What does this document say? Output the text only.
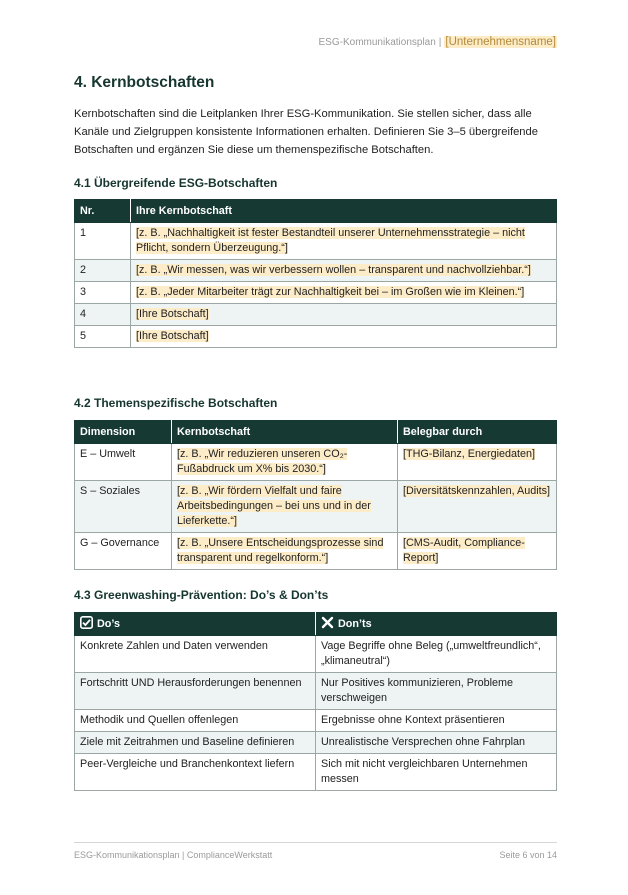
ESG-Kommunikationsplan | [Unternehmensname]
4. Kernbotschaften

Kernbotschaften sind die Leitplanken Ihrer ESG-Kommunikation. Sie stellen sicher, dass alle Kanäle und Zielgruppen konsistente Informationen erhalten. Definieren Sie 3–5 übergreifende Botschaften und ergänzen Sie diese um themenspezifische Botschaften.

4.1 Übergreifende ESG-Botschaften
Nr.	Ihre Kernbotschaft
1	[z. B. „Nachhaltigkeit ist fester Bestandteil unserer Unternehmensstrategie – nicht Pflicht, sondern Überzeugung.“]
2	[z. B. „Wir messen, was wir verbessern wollen – transparent und nachvollziehbar.“]
3	[z. B. „Jeder Mitarbeiter trägt zur Nachhaltigkeit bei – im Großen wie im Kleinen.“]
4	[Ihre Botschaft]
5	[Ihre Botschaft]
4.2 Themenspezifische Botschaften
Dimension	Kernbotschaft	Belegbar durch
E – Umwelt	[z. B. „Wir reduzieren unseren CO₂-Fußabdruck um X% bis 2030.“]	[THG-Bilanz, Energiedaten]
S – Soziales	[z. B. „Wir fördern Vielfalt und faire Arbeitsbedingungen – bei uns und in der Lieferkette.“]	[Diversitätskennzahlen, Audits]
G – Governance	[z. B. „Unsere Entscheidungsprozesse sind transparent und regelkonform.“]	[CMS-Audit, Compliance-Report]
4.3 Greenwashing-Prävention: Do’s & Don’ts
Do’s	Don’ts
Konkrete Zahlen und Daten verwenden	Vage Begriffe ohne Beleg („umweltfreundlich“, „klimaneutral“)
Fortschritt UND Herausforderungen benennen	Nur Positives kommunizieren, Probleme verschweigen
Methodik und Quellen offenlegen	Ergebnisse ohne Kontext präsentieren
Ziele mit Zeitrahmen und Baseline definieren	Unrealistische Versprechen ohne Fahrplan
Peer-Vergleiche und Branchenkontext liefern	Sich mit nicht vergleichbaren Unternehmen messen
ESG-Kommunikationsplan | ComplianceWerkstatt	Seite 6 von 14
